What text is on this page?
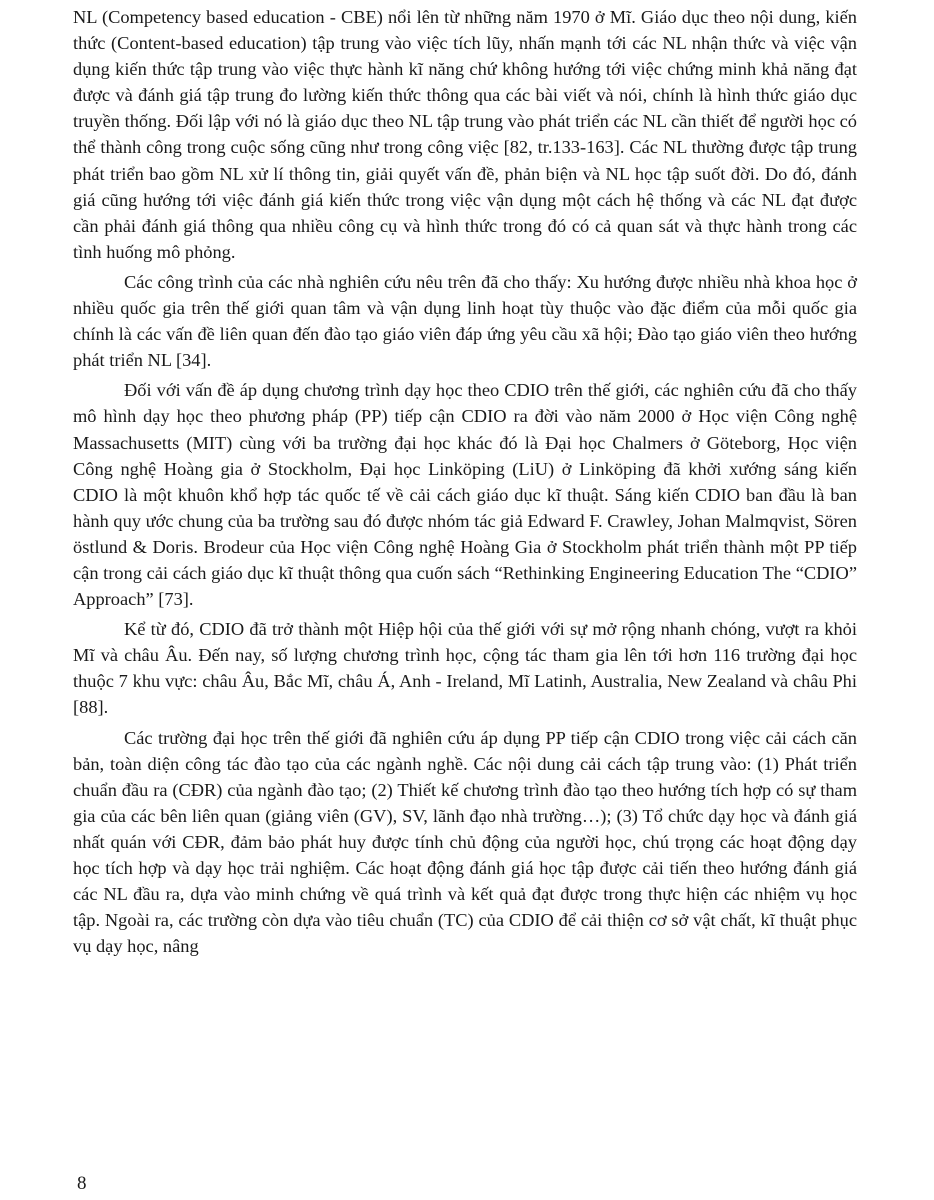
NL (Competency based education - CBE) nổi lên từ những năm 1970 ở Mĩ. Giáo dục theo nội dung, kiến thức (Content-based education) tập trung vào việc tích lũy, nhấn mạnh tới các NL nhận thức và việc vận dụng kiến thức tập trung vào việc thực hành kĩ năng chứ không hướng tới việc chứng minh khả năng đạt được và đánh giá tập trung đo lường kiến thức thông qua các bài viết và nói, chính là hình thức giáo dục truyền thống. Đối lập với nó là giáo dục theo NL tập trung vào phát triển các NL cần thiết để người học có thể thành công trong cuộc sống cũng như trong công việc [82, tr.133-163]. Các NL thường được tập trung phát triển bao gồm NL xử lí thông tin, giải quyết vấn đề, phản biện và NL học tập suốt đời. Do đó, đánh giá cũng hướng tới việc đánh giá kiến thức trong việc vận dụng một cách hệ thống và các NL đạt được cần phải đánh giá thông qua nhiều công cụ và hình thức trong đó có cả quan sát và thực hành trong các tình huống mô phỏng.

Các công trình của các nhà nghiên cứu nêu trên đã cho thấy: Xu hướng được nhiều nhà khoa học ở nhiều quốc gia trên thế giới quan tâm và vận dụng linh hoạt tùy thuộc vào đặc điểm của mỗi quốc gia chính là các vấn đề liên quan đến đào tạo giáo viên đáp ứng yêu cầu xã hội; Đào tạo giáo viên theo hướng phát triển NL [34].

Đối với vấn đề áp dụng chương trình dạy học theo CDIO trên thế giới, các nghiên cứu đã cho thấy mô hình dạy học theo phương pháp (PP) tiếp cận CDIO ra đời vào năm 2000 ở Học viện Công nghệ Massachusetts (MIT) cùng với ba trường đại học khác đó là Đại học Chalmers ở Göteborg, Học viện Công nghệ Hoàng gia ở Stockholm, Đại học Linköping (LiU) ở Linköping đã khởi xướng sáng kiến CDIO là một khuôn khổ hợp tác quốc tế về cải cách giáo dục kĩ thuật. Sáng kiến CDIO ban đầu là ban hành quy ước chung của ba trường sau đó được nhóm tác giả Edward F. Crawley, Johan Malmqvist, Sören östlund & Doris. Brodeur của Học viện Công nghệ Hoàng Gia ở Stockholm phát triển thành một PP tiếp cận trong cải cách giáo dục kĩ thuật thông qua cuốn sách “Rethinking Engineering Education The “CDIO” Approach” [73].

Kể từ đó, CDIO đã trở thành một Hiệp hội của thế giới với sự mở rộng nhanh chóng, vượt ra khỏi Mĩ và châu Âu. Đến nay, số lượng chương trình học, cộng tác tham gia lên tới hơn 116 trường đại học thuộc 7 khu vực: châu Âu, Bắc Mĩ, châu Á, Anh - Ireland, Mĩ Latinh, Australia, New Zealand và châu Phi [88].

Các trường đại học trên thế giới đã nghiên cứu áp dụng PP tiếp cận CDIO trong việc cải cách căn bản, toàn diện công tác đào tạo của các ngành nghề. Các nội dung cải cách tập trung vào: (1) Phát triển chuẩn đầu ra (CĐR) của ngành đào tạo; (2) Thiết kế chương trình đào tạo theo hướng tích hợp có sự tham gia của các bên liên quan (giảng viên (GV), SV, lãnh đạo nhà trường…); (3) Tổ chức dạy học và đánh giá nhất quán với CĐR, đảm bảo phát huy được tính chủ động của người học, chú trọng các hoạt động dạy học tích hợp và dạy học trải nghiệm. Các hoạt động đánh giá học tập được cải tiến theo hướng đánh giá các NL đầu ra, dựa vào minh chứng về quá trình và kết quả đạt được trong thực hiện các nhiệm vụ học tập. Ngoài ra, các trường còn dựa vào tiêu chuẩn (TC) của CDIO để cải thiện cơ sở vật chất, kĩ thuật phục vụ dạy học, nâng

8
